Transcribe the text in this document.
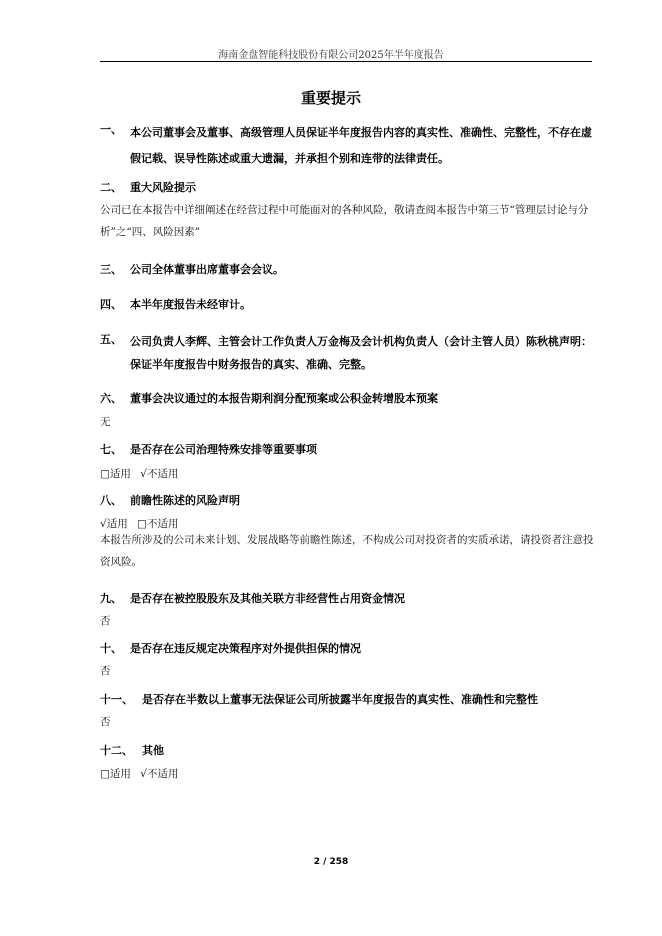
海南金盘智能科技股份有限公司2025年半年度报告
重要提示
一、 本公司董事会及董事、高级管理人员保证半年度报告内容的真实性、准确性、完整性，不存在虚假记载、误导性陈述或重大遗漏，并承担个别和连带的法律责任。
二、 重大风险提示
公司已在本报告中详细阐述在经营过程中可能面对的各种风险，敬请查阅本报告中第三节“管理层讨论与分析”之“四、风险因素”
三、 公司全体董事出席董事会会议。
四、 本半年度报告未经审计。
五、 公司负责人李辉、主管会计工作负责人万金梅及会计机构负责人（会计主管人员）陈秋桃声明：保证半年度报告中财务报告的真实、准确、完整。
六、 董事会决议通过的本报告期利润分配预案或公积金转增股本预案
无
七、 是否存在公司治理特殊安排等重要事项
□适用 √不适用
八、 前瞻性陈述的风险声明
√适用 □不适用
本报告所涉及的公司未来计划、发展战略等前瞻性陈述，不构成公司对投资者的实质承诺，请投资者注意投资风险。
九、 是否存在被控股股东及其他关联方非经营性占用资金情况
否
十、 是否存在违反规定决策程序对外提供担保的情况
否
十一、 是否存在半数以上董事无法保证公司所披露半年度报告的真实性、准确性和完整性
否
十二、 其他
□适用 √不适用
2 / 258
